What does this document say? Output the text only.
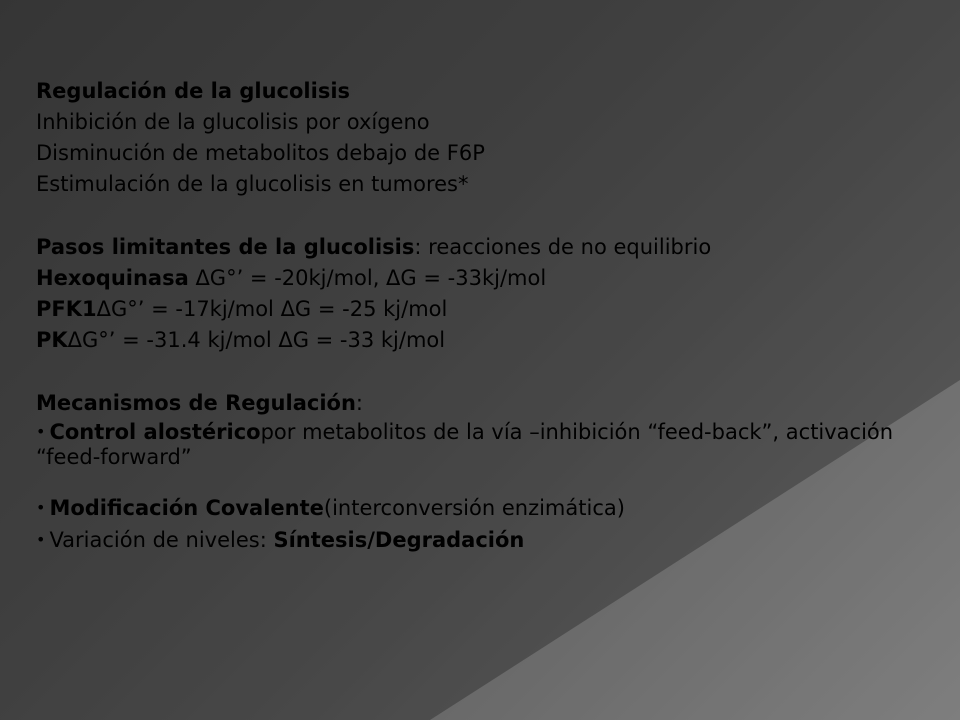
Regulación de la glucolisis
Inhibición de la glucolisis por oxígeno
Disminución de metabolitos debajo de F6P
Estimulación de la glucolisis en tumores*
Pasos limitantes de la glucolisis: reacciones de no equilibrio
Hexoquinasa ΔG°’ = -20kj/mol, ΔG = -33kj/mol
PFK1ΔG°’ = -17kj/mol ΔG = -25 kj/mol
PKΔG°’ = -31.4 kj/mol ΔG = -33 kj/mol
Mecanismos de Regulación:
• Control alostéricopor metabolitos de la vía –inhibición “feed-back”, activación “feed-forward”
• Modificación Covalente(interconversión enzimática)
• Variación de niveles: Síntesis/Degradación
